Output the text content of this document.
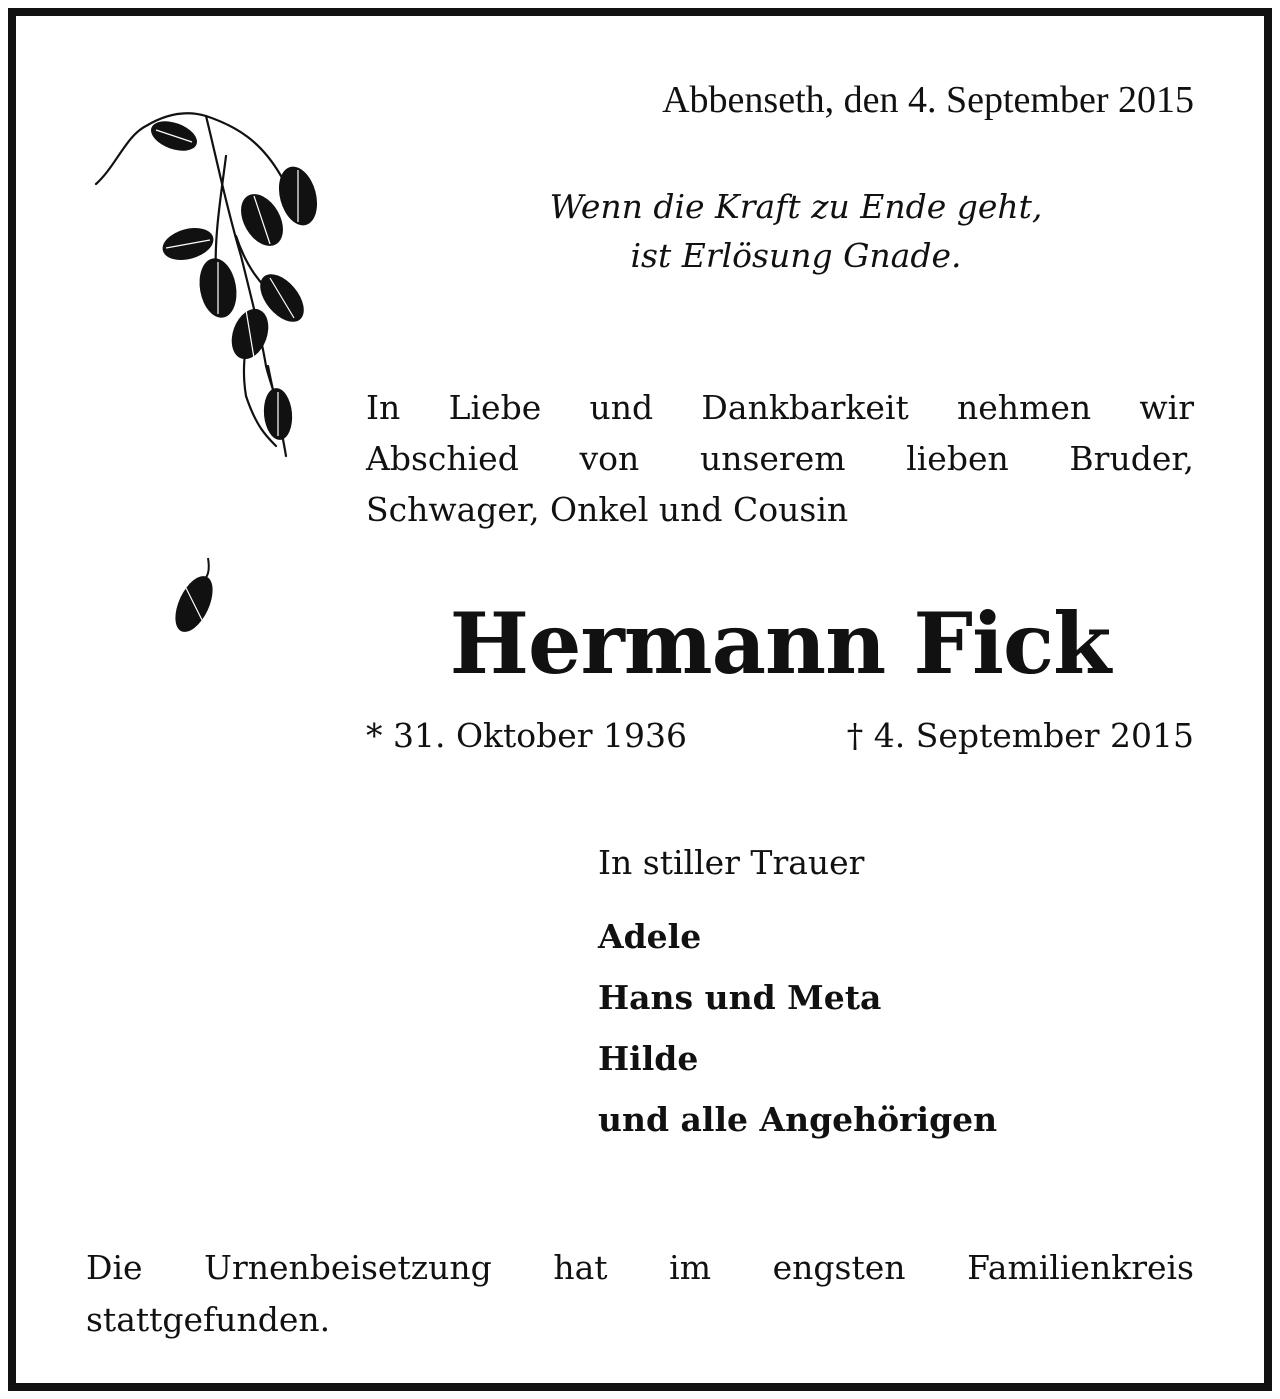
Abbenseth, den 4. September 2015
Wenn die Kraft zu Ende geht,
ist Erlösung Gnade.
In Liebe und Dankbarkeit nehmen wir
Abschied von unserem lieben Bruder,
Schwager, Onkel und Cousin
Hermann Fick
* 31. Oktober 1936	† 4. September 2015
In stiller Trauer
Adele
Hans und Meta
Hilde
und alle Angehörigen
Die Urnenbeisetzung hat im engsten Familienkreis
stattgefunden.
